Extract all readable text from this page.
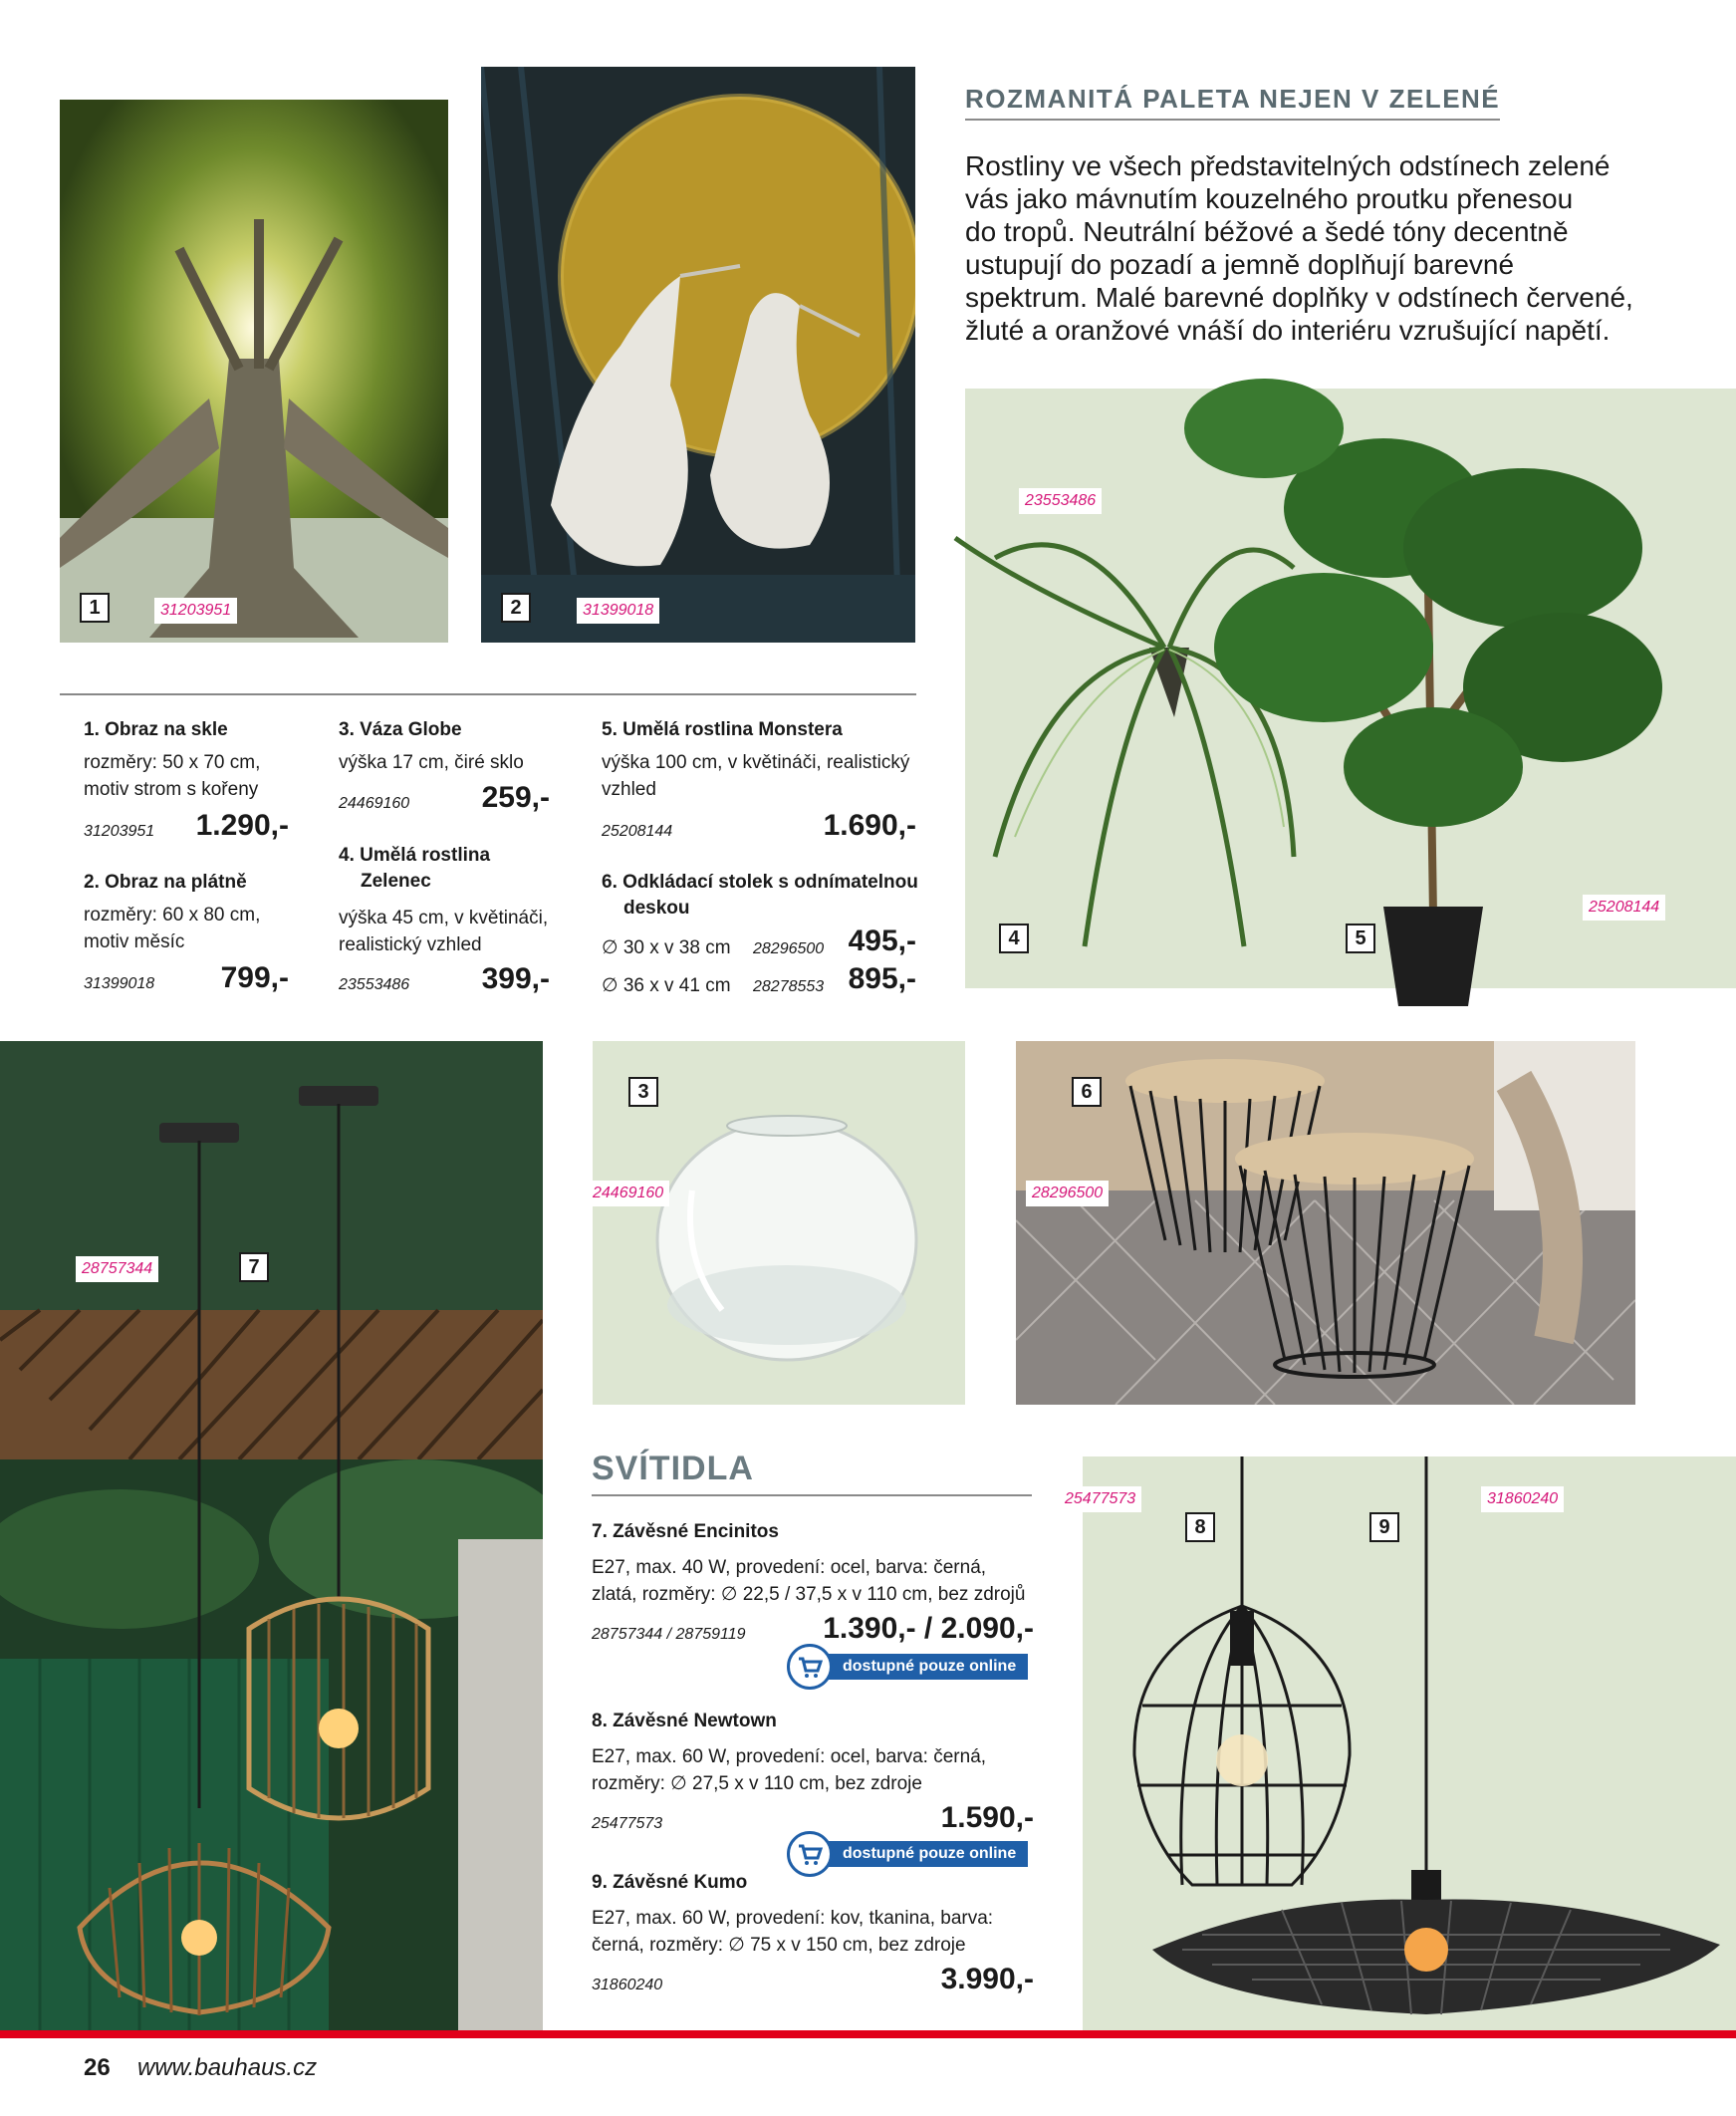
1	31203951	2	31399018
ROZMANITÁ PALETA NEJEN V ZELENÉ
Rostliny ve všech představitelných odstínech zelené
vás jako mávnutím kouzelného proutku přenesou
do tropů. Neutrální béžové a šedé tóny decentně
ustupují do pozadí a jemně doplňují barevné
spektrum. Malé barevné doplňky v odstínech červené,
žluté a oranžové vnáší do interiéru vzrušující napětí.
23553486
25208144
4	5
1. Obraz na skle
rozměry: 50 x 70 cm,
motiv strom s kořeny
31203951	1.290,-
2. Obraz na plátně
rozměry: 60 x 80 cm,
motiv měsíc
31399018	799,-
3. Váza Globe
výška 17 cm, čiré sklo
24469160	259,-
4. Umělá rostlina
Zelenec
výška 45 cm, v květináči,
realistický vzhled
23553486	399,-
5. Umělá rostlina Monstera
výška 100 cm, v květináči, realistický
vzhled
25208144	1.690,-
6. Odkládací stolek s odnímatelnou
deskou
∅ 30 x v 38 cm 28296500 495,-
∅ 36 x v 41 cm 28278553 895,-
28757344	7
3
24469160
6
28296500
SVÍTIDLA
7. Závěsné Encinitos
E27, max. 40 W, provedení: ocel, barva: černá,
zlatá, rozměry: ∅ 22,5 / 37,5 x v 110 cm, bez zdrojů
28757344 / 28759119	1.390,- / 2.090,-
dostupné pouze online
8. Závěsné Newtown
E27, max. 60 W, provedení: ocel, barva: černá,
rozměry: ∅ 27,5 x v 110 cm, bez zdroje
25477573	1.590,-
dostupné pouze online
9. Závěsné Kumo
E27, max. 60 W, provedení: kov, tkanina, barva:
černá, rozměry: ∅ 75 x v 150 cm, bez zdroje
31860240	3.990,-
25477573	31860240
8	9
26 www.bauhaus.cz
